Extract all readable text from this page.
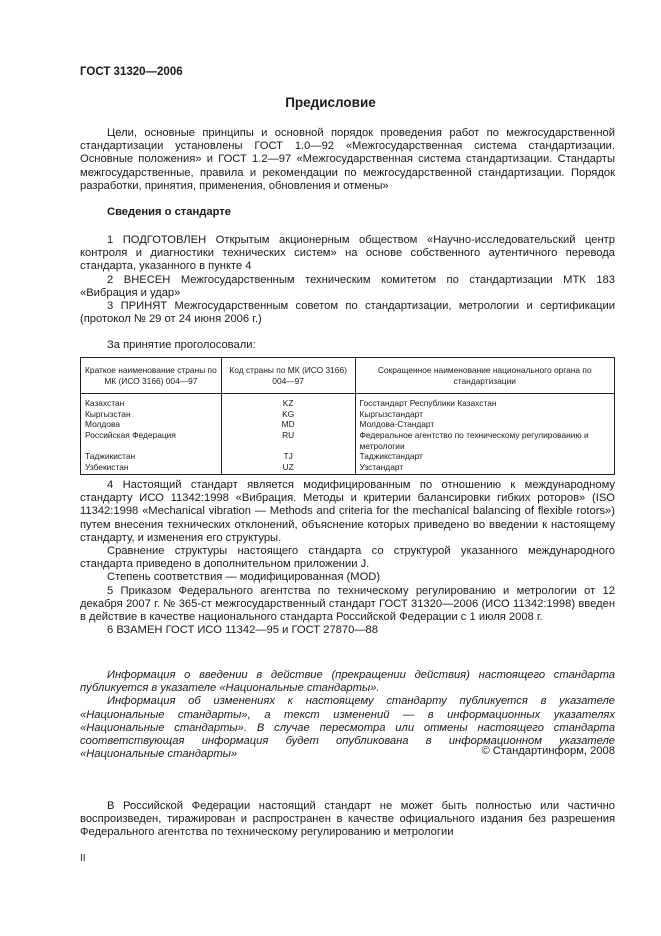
ГОСТ 31320—2006
Предисловие

Цели, основные принципы и основной порядок проведения работ по межгосударственной стандартизации установлены ГОСТ 1.0—92 «Межгосударственная система стандартизации. Основные положения» и ГОСТ 1.2—97 «Межгосударственная система стандартизации. Стандарты межгосударственные, правила и рекомендации по межгосударственной стандартизации. Порядок разработки, принятия, применения, обновления и отмены»

Сведения о стандарте

1 ПОДГОТОВЛЕН Открытым акционерным обществом «Научно-исследовательский центр контроля и диагностики технических систем» на основе собственного аутентичного перевода стандарта, указанного в пункте 4

2 ВНЕСЕН Межгосударственным техническим комитетом по стандартизации МТК 183 «Вибрация и удар»

3 ПРИНЯТ Межгосударственным советом по стандартизации, метрологии и сертификации (протокол № 29 от 24 июня 2006 г.)

За принятие проголосовали:
Краткое наименование страны по МК (ИСО 3166) 004—97	Код страны по МК (ИСО 3166) 004—97	Сокращенное наименование национального органа по стандартизации
Казахстан	KZ	Госстандарт Республики Казахстан
Кыргызстан	KG	Кыргызстандарт
Молдова	MD	Молдова-Стандарт
Российская Федерация	RU	Федеральное агентство по техническому регулированию и метрологии
Таджикистан	TJ	Таджикстандарт
Узбекистан	UZ	Узстандарт

4 Настоящий стандарт является модифицированным по отношению к международному стандарту ИСО 11342:1998 «Вибрация. Методы и критерии балансировки гибких роторов» (ISO 11342:1998 «Mechanical vibration — Methods and criteria for the mechanical balancing of flexible rotors») путем внесения технических отклонений, объяснение которых приведено во введении к настоящему стандарту, и изменения его структуры.

Сравнение структуры настоящего стандарта со структурой указанного международного стандарта приведено в дополнительном приложении J.

Степень соответствия — модифицированная (MOD)

5 Приказом Федерального агентства по техническому регулированию и метрологии от 12 декабря 2007 г. № 365-ст межгосударственный стандарт ГОСТ 31320—2006 (ИСО 11342:1998) введен в действие в качестве национального стандарта Российской Федерации с 1 июля 2008 г.

6 ВЗАМЕН ГОСТ ИСО 11342—95 и ГОСТ 27870—88

Информация о введении в действие (прекращении действия) настоящего стандарта публикуется в указателе «Национальные стандарты».

Информация об изменениях к настоящему стандарту публикуется в указателе «Национальные стандарты», а текст изменений — в информационных указателях «Национальные стандарты». В случае пересмотра или отмены настоящего стандарта соответствующая информация будет опубликована в информационном указателе «Национальные стандарты»	© Стандартинформ, 2008

В Российской Федерации настоящий стандарт не может быть полностью или частично воспроизведен, тиражирован и распространен в качестве официального издания без разрешения Федерального агентства по техническому регулированию и метрологии

II
